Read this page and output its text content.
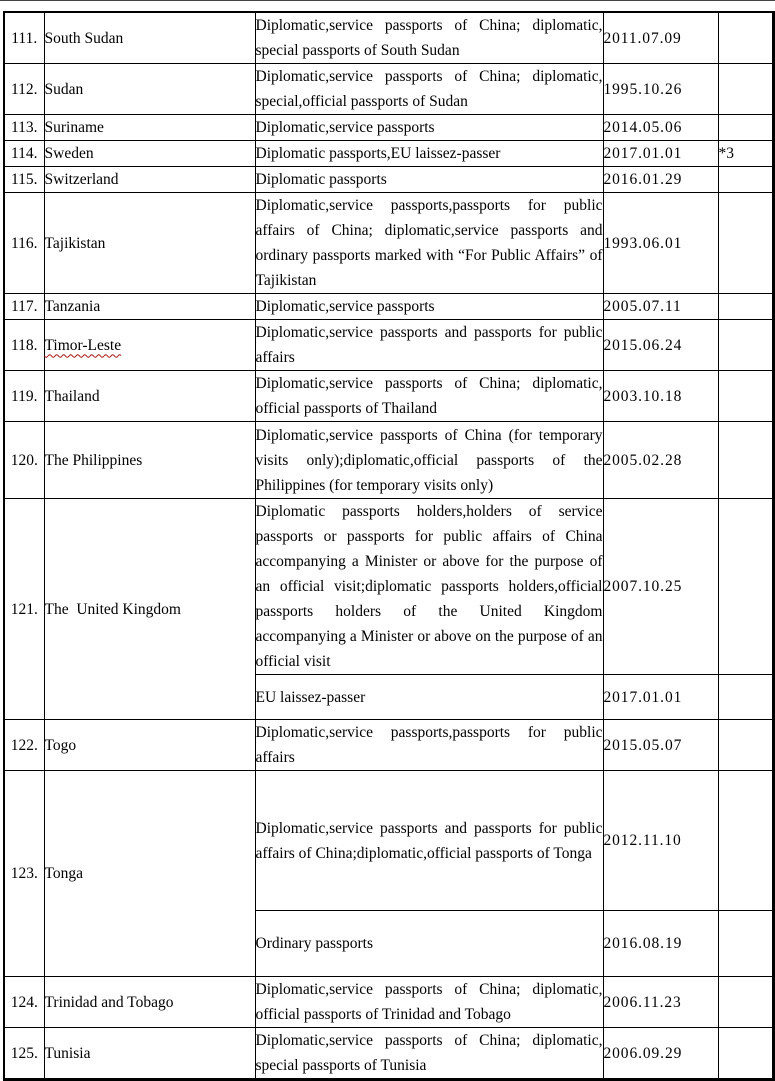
111.	South Sudan	Diplomatic,service passports of China; diplomatic, special passports of South Sudan	2011.07.09	
112.	Sudan	Diplomatic,service passports of China; diplomatic, special,official passports of Sudan	1995.10.26	
113.	Suriname	Diplomatic,service passports	2014.05.06	
114.	Sweden	Diplomatic passports,EU laissez-passer	2017.01.01	*3
115.	Switzerland	Diplomatic passports	2016.01.29	
116.	Tajikistan	Diplomatic,service passports,passports for public affairs of China; diplomatic,service passports and ordinary passports marked with “For Public Affairs” of Tajikistan	1993.06.01	
117.	Tanzania	Diplomatic,service passports	2005.07.11	
118.	Timor-Leste	Diplomatic,service passports and passports for public affairs	2015.06.24	
119.	Thailand	Diplomatic,service passports of China; diplomatic, official passports of Thailand	2003.10.18	
120.	The Philippines	Diplomatic,service passports of China (for temporary visits only);diplomatic,official passports of the Philippines (for temporary visits only)	2005.02.28	
121.	The  United Kingdom	Diplomatic passports holders,holders of service passports or passports for public affairs of China accompanying a Minister or above for the purpose of an official visit;diplomatic passports holders,official passports holders of the United Kingdom accompanying a Minister or above on the purpose of an official visit	2007.10.25	
		EU laissez-passer	2017.01.01	
122.	Togo	Diplomatic,service passports,passports for public affairs	2015.05.07	
123.	Tonga	Diplomatic,service passports and passports for public affairs of China;diplomatic,official passports of Tonga	2012.11.10	
		Ordinary passports	2016.08.19	
124.	Trinidad and Tobago	Diplomatic,service passports of China; diplomatic, official passports of Trinidad and Tobago	2006.11.23	
125.	Tunisia	Diplomatic,service passports of China; diplomatic, special passports of Tunisia	2006.09.29	
